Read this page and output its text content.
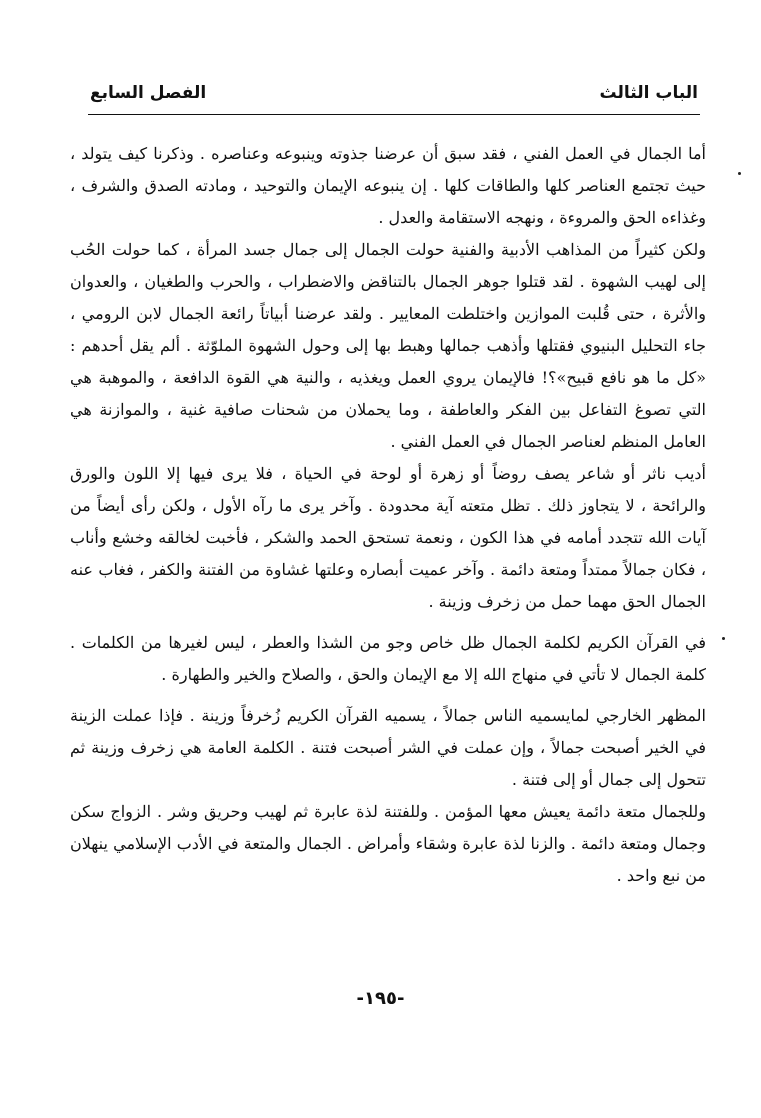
الباب الثالث
الفصل السابع

أما الجمال في العمل الفني ، فقد سبق أن عرضنا جذوته وينبوعه وعناصره . وذكرنا كيف يتولد ، حيث تجتمع العناصر كلها والطاقات كلها . إن ينبوعه الإيمان والتوحيد ، ومادته الصدق والشرف ، وغذاءه الحق والمروءة ، ونهجه الاستقامة والعدل .

ولكن كثيراً من المذاهب الأدبية والفنية حولت الجمال إلى جمال جسد المرأة ، كما حولت الحُب إلى لهيب الشهوة . لقد قتلوا جوهر الجمال بالتناقض والاضطراب ، والحرب والطغيان ، والعدوان والأثرة ، حتى قُلبت الموازين واختلطت المعايير . ولقد عرضنا أبياتاً رائعة الجمال لابن الرومي ، جاء التحليل البنيوي فقتلها وأذهب جمالها وهبط بها إلى وحول الشهوة الملوّثة . ألم يقل أحدهم : «كل ما هو نافع قبيح»؟! فالإيمان يروي العمل ويغذيه ، والنية هي القوة الدافعة ، والموهبة هي التي تصوغ التفاعل بين الفكر والعاطفة ، وما يحملان من شحنات صافية غنية ، والموازنة هي العامل المنظم لعناصر الجمال في العمل الفني .

أديب ناثر أو شاعر يصف روضاً أو زهرة أو لوحة في الحياة ، فلا يرى فيها إلا اللون والورق والرائحة ، لا يتجاوز ذلك . تظل متعته آية محدودة . وآخر يرى ما رآه الأول ، ولكن رأى أيضاً من آيات الله تتجدد أمامه في هذا الكون ، ونعمة تستحق الحمد والشكر ، فأخبت لخالقه وخشع وأناب ، فكان جمالاً ممتداً ومتعة دائمة . وآخر عميت أبصاره وعلتها غشاوة من الفتنة والكفر ، فغاب عنه الجمال الحق مهما حمل من زخرف وزينة .

في القرآن الكريم لكلمة الجمال ظل خاص وجو من الشذا والعطر ، ليس لغيرها من الكلمات . كلمة الجمال لا تأتي في منهاج الله إلا مع الإيمان والحق ، والصلاح والخير والطهارة .

المظهر الخارجي لمايسميه الناس جمالاً ، يسميه القرآن الكريم زُخرفاً وزينة . فإذا عملت الزينة في الخير أصبحت جمالاً ، وإن عملت في الشر أصبحت فتنة . الكلمة العامة هي زخرف وزينة ثم تتحول إلى جمال أو إلى فتنة .

وللجمال متعة دائمة يعيش معها المؤمن . وللفتنة لذة عابرة ثم لهيب وحريق وشر . الزواج سكن وجمال ومتعة دائمة . والزنا لذة عابرة وشقاء وأمراض . الجمال والمتعة في الأدب الإسلامي ينهلان من نبع واحد .

-١٩٥-
